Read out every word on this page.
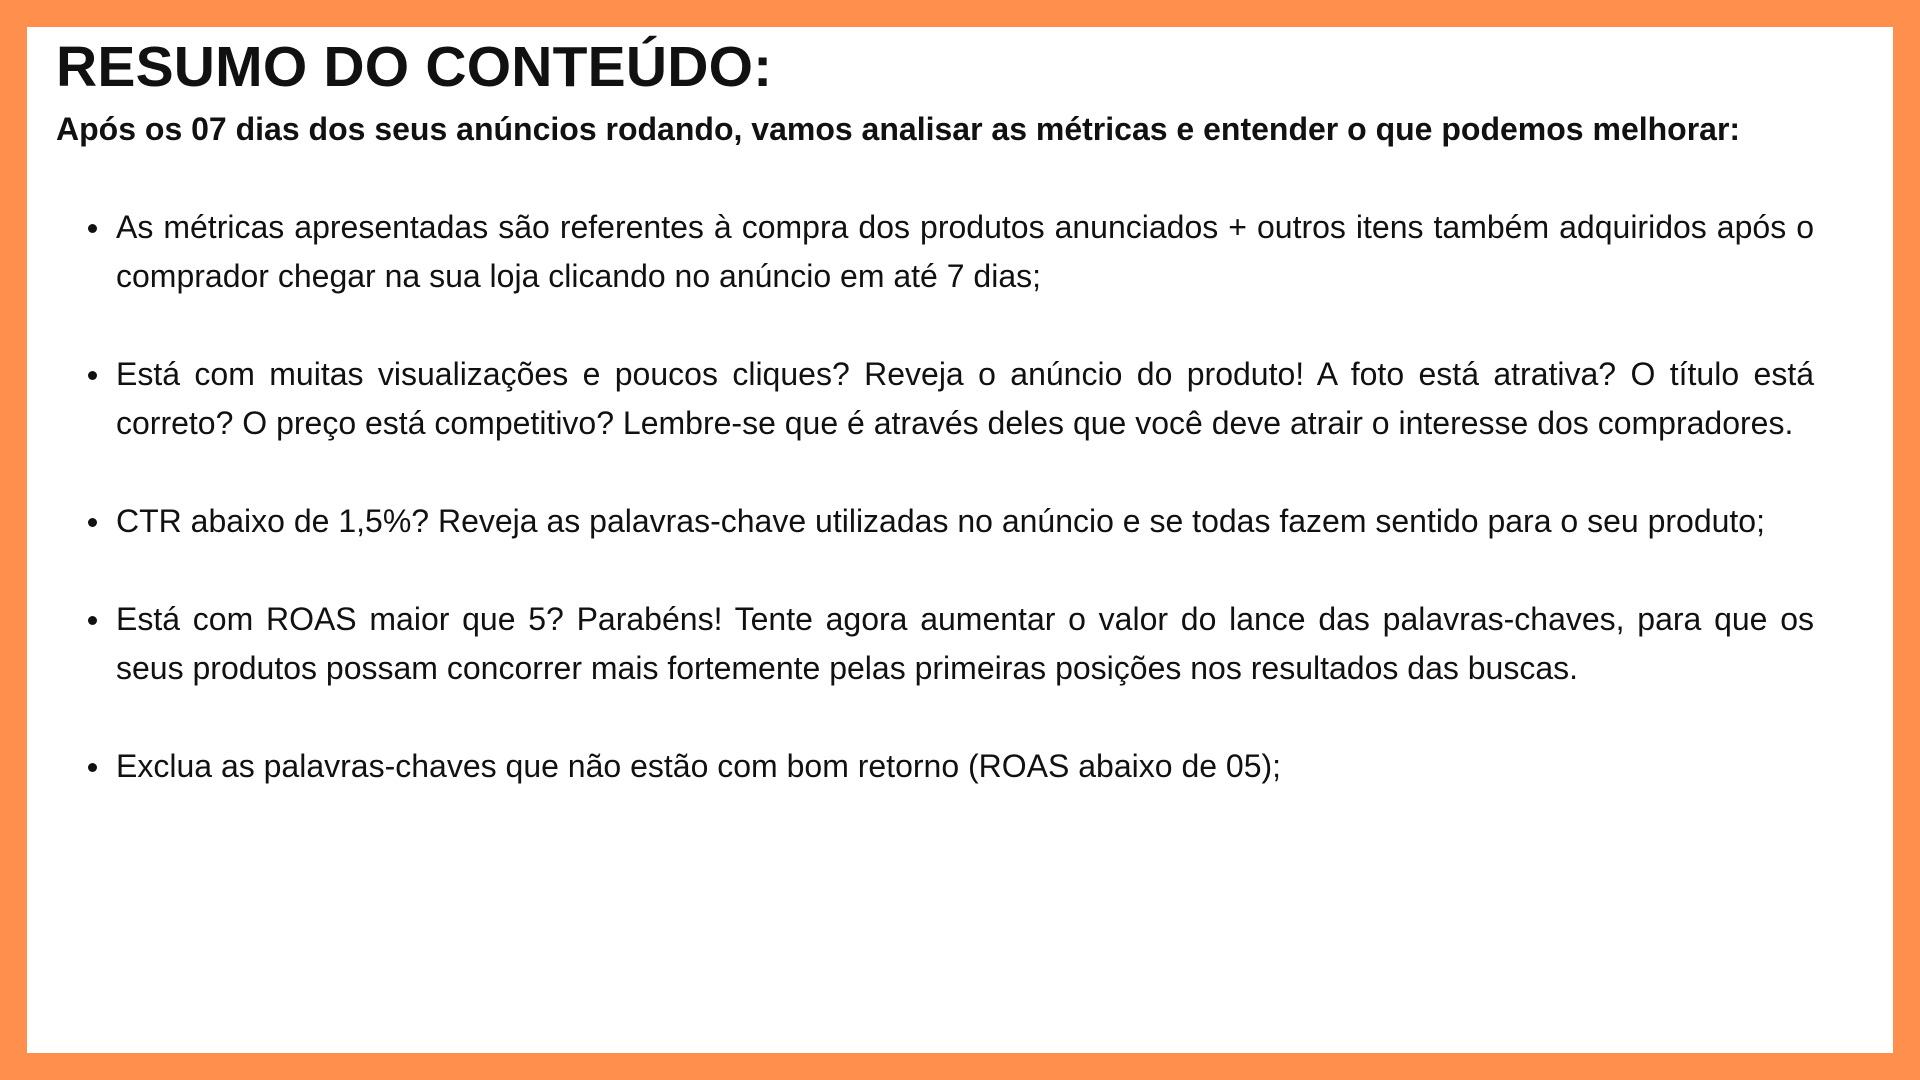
RESUMO DO CONTEÚDO:

Após os 07 dias dos seus anúncios rodando, vamos analisar as métricas e entender o que podemos melhorar:

As métricas apresentadas são referentes à compra dos produtos anunciados + outros itens também adquiridos após o comprador chegar na sua loja clicando no anúncio em até 7 dias;
Está com muitas visualizações e poucos cliques? Reveja o anúncio do produto! A foto está atrativa? O título está correto? O preço está competitivo? Lembre-se que é através deles que você deve atrair o interesse dos compradores.
CTR abaixo de 1,5%? Reveja as palavras-chave utilizadas no anúncio e se todas fazem sentido para o seu produto;
Está com ROAS maior que 5? Parabéns! Tente agora aumentar o valor do lance das palavras-chaves, para que os seus produtos possam concorrer mais fortemente pelas primeiras posições nos resultados das buscas.
Exclua as palavras-chaves que não estão com bom retorno (ROAS abaixo de 05);
